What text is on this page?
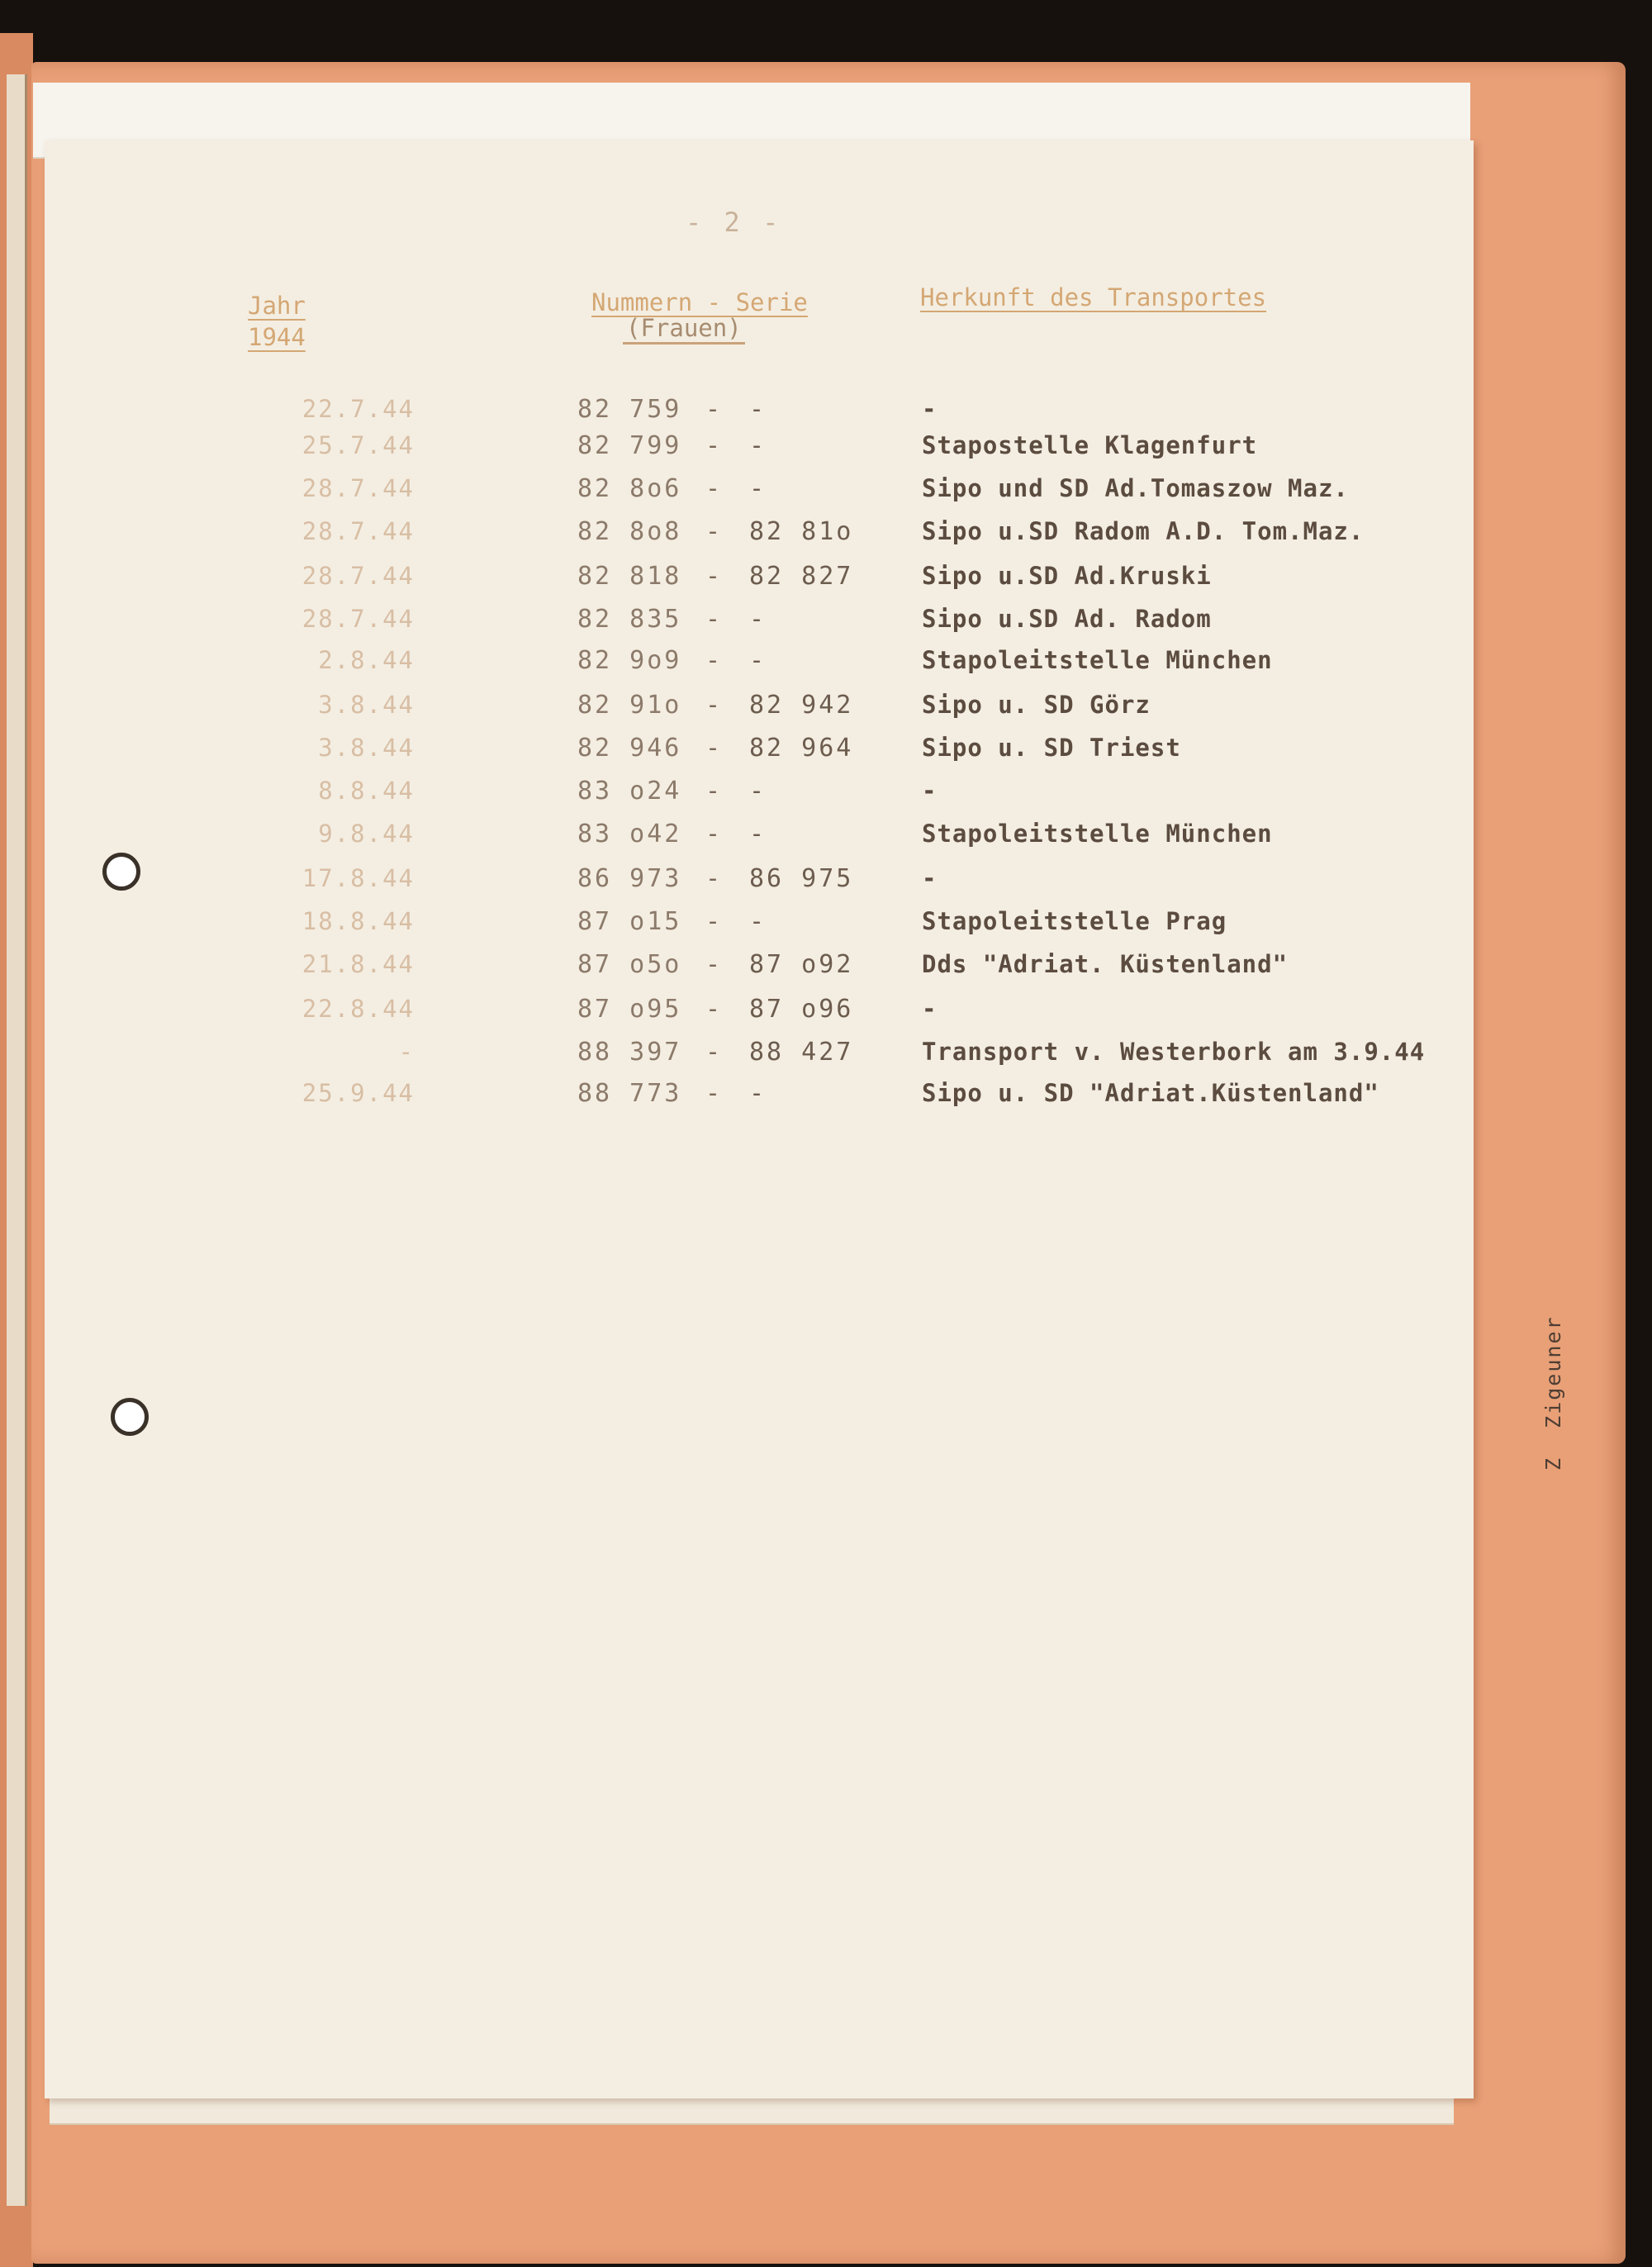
- 2 -
Jahr
1944
Nummern - Serie
( Frauen )
Herkunft des Transportes
22.7.44	82 759 - -	-
25.7.44	82 799 - -	Stapostelle Klagenfurt
28.7.44	82 8o6 - -	Sipo und SD Ad.Tomaszow Maz.
28.7.44	82 8o8 - 82 81o	Sipo u.SD Radom A.D. Tom.Maz.
28.7.44	82 818 - 82 827	Sipo u.SD Ad.Kruski
28.7.44	82 835 - -	Sipo u.SD Ad. Radom
2.8.44	82 9o9 - -	Stapoleitstelle München
3.8.44	82 91o - 82 942	Sipo u. SD Görz
3.8.44	82 946 - 82 964	Sipo u. SD Triest
8.8.44	83 o24 - -	-
9.8.44	83 o42 - -	Stapoleitstelle München
17.8.44	86 973 - 86 975	-
18.8.44	87 o15 - -	Stapoleitstelle Prag
21.8.44	87 o5o - 87 o92	Dds "Adriat. Küstenland"
22.8.44	87 o95 - 87 o96	-
-	88 397 - 88 427	Transport v. Westerbork am 3.9.44
25.9.44	88 773 - -	Sipo u. SD "Adriat.Küstenland"
Z  Zigeuner
